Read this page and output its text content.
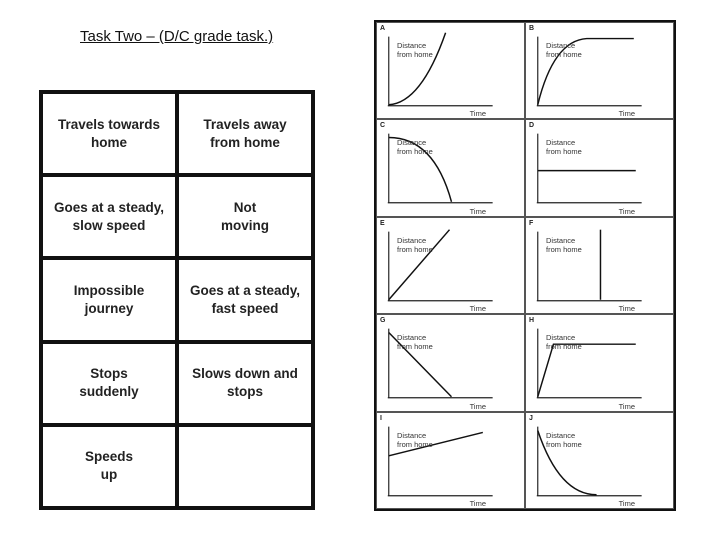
Task Two – (D/C grade task.)
Travels towards
home
Travels away
from home
Goes at a steady,
slow speed
Not
moving
Impossible
journey
Goes at a steady,
fast speed
Stops
suddenly
Slows down and
stops
Speeds
up
A
Distance
from home
Time
B
Distance
from home
Time
C
Distance
from home
Time
D
Distance
from home
Time
E
Distance
from home
Time
F
Distance
from home
Time
G
Distance
from home
Time
H
Distance
from home
Time
I
Distance
from home
Time
J
Distance
from home
Time
